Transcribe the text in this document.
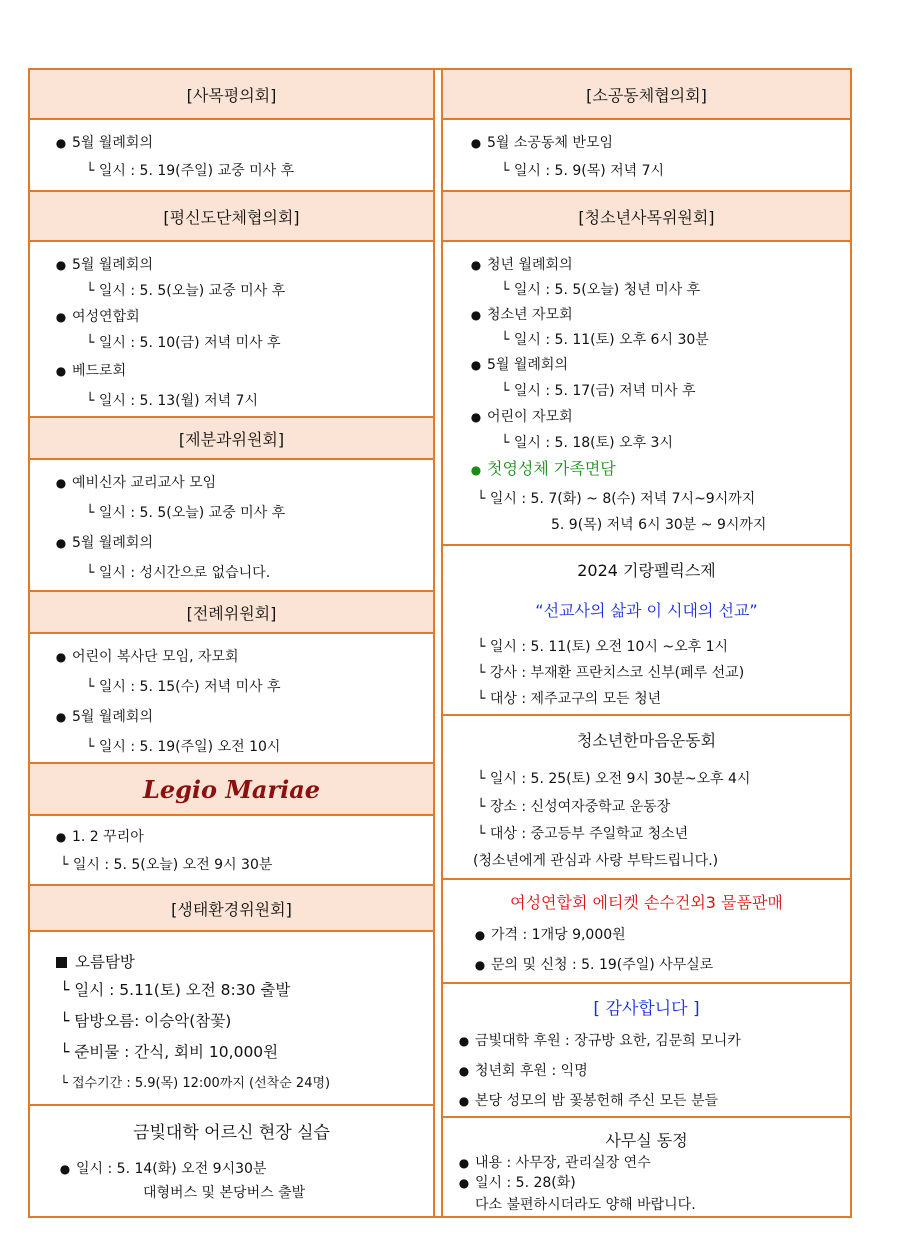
[사목평의회]
● 5월 월례회의
└ 일시 : 5. 19(주일) 교중 미사 후
[평신도단체협의회]
● 5월 월례회의
└ 일시 : 5. 5(오늘) 교중 미사 후
● 여성연합회
└ 일시 : 5. 10(금) 저녁 미사 후
● 베드로회
└ 일시 : 5. 13(월) 저녁 7시
[제분과위원회]
● 예비신자 교리교사 모임
└ 일시 : 5. 5(오늘) 교중 미사 후
● 5월 월례회의
└ 일시 : 성시간으로 없습니다.
[전례위원회]
● 어린이 복사단 모임, 자모회
└ 일시 : 5. 15(수) 저녁 미사 후
● 5월 월례회의
└ 일시 : 5. 19(주일) 오전 10시
Legio Mariae
● 1. 2 꾸리아
└ 일시 : 5. 5(오늘) 오전 9시 30분
[생태환경위원회]
오름탐방
└ 일시 : 5.11(토) 오전 8:30 출발
└ 탐방오름: 이승악(참꽃)
└ 준비물 : 간식, 회비 10,000원
└ 접수기간 : 5.9(목) 12:00까지 (선착순 24명)
금빛대학 어르신 현장 실습
● 일시 : 5. 14(화) 오전 9시30분
대형버스 및 본당버스 출발
[소공동체협의회]
● 5월 소공동체 반모임
└ 일시 : 5. 9(목) 저녁 7시
[청소년사목위원회]
● 청년 월례회의
└ 일시 : 5. 5(오늘) 청년 미사 후
● 청소년 자모회
└ 일시 : 5. 11(토) 오후 6시 30분
● 5월 월례회의
└ 일시 : 5. 17(금) 저녁 미사 후
● 어린이 자모회
└ 일시 : 5. 18(토) 오후 3시
● 첫영성체 가족면담
└ 일시 : 5. 7(화) ~ 8(수) 저녁 7시~9시까지
5. 9(목) 저녁 6시 30분 ~ 9시까지
2024 기랑펠릭스제
“선교사의 삶과 이 시대의 선교”
└ 일시 : 5. 11(토) 오전 10시 ~오후 1시
└ 강사 : 부재환 프란치스코 신부(페루 선교)
└ 대상 : 제주교구의 모든 청년
청소년한마음운동회
└ 일시 : 5. 25(토) 오전 9시 30분~오후 4시
└ 장소 : 신성여자중학교 운동장
└ 대상 : 중고등부 주일학교 청소년
(청소년에게 관심과 사랑 부탁드립니다.)
여성연합회 에티켓 손수건외3 물품판매
● 가격 : 1개당 9,000원
● 문의 및 신청 : 5. 19(주일) 사무실로
[ 감사합니다 ]
● 금빛대학 후원 : 장규방 요한, 김문희 모니카
● 청년회 후원 : 익명
● 본당 성모의 밤 꽃봉헌해 주신 모든 분들
사무실 동정
● 내용 : 사무장, 관리실장 연수
● 일시 : 5. 28(화)
다소 불편하시더라도 양해 바랍니다.
